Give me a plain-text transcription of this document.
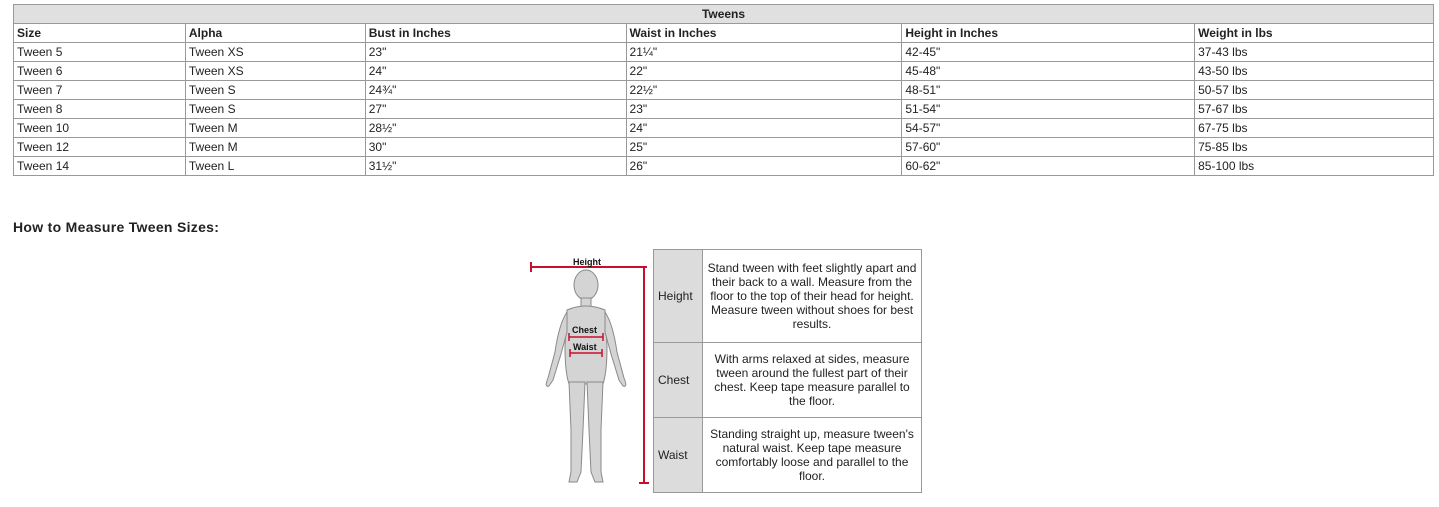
Tweens					
Size	Alpha	Bust in Inches	Waist in Inches	Height in Inches	Weight in lbs
Tween 5	Tween XS	23"	21¼"	42-45"	37-43 lbs
Tween 6	Tween XS	24"	22"	45-48"	43-50 lbs
Tween 7	Tween S	24¾"	22½"	48-51"	50-57 lbs
Tween 8	Tween S	27"	23"	51-54"	57-67 lbs
Tween 10	Tween M	28½"	24"	54-57"	67-75 lbs
Tween 12	Tween M	30"	25"	57-60"	75-85 lbs
Tween 14	Tween L	31½"	26"	60-62"	85-100 lbs
How to Measure Tween Sizes:
Height
Chest
Waist
Height	Stand tween with feet slightly apart and their back to a wall. Measure from the floor to the top of their head for height. Measure tween without shoes for best results.
Chest	With arms relaxed at sides, measure tween around the fullest part of their chest. Keep tape measure parallel to the floor.
Waist	Standing straight up, measure tween's natural waist. Keep tape measure comfortably loose and parallel to the floor.
